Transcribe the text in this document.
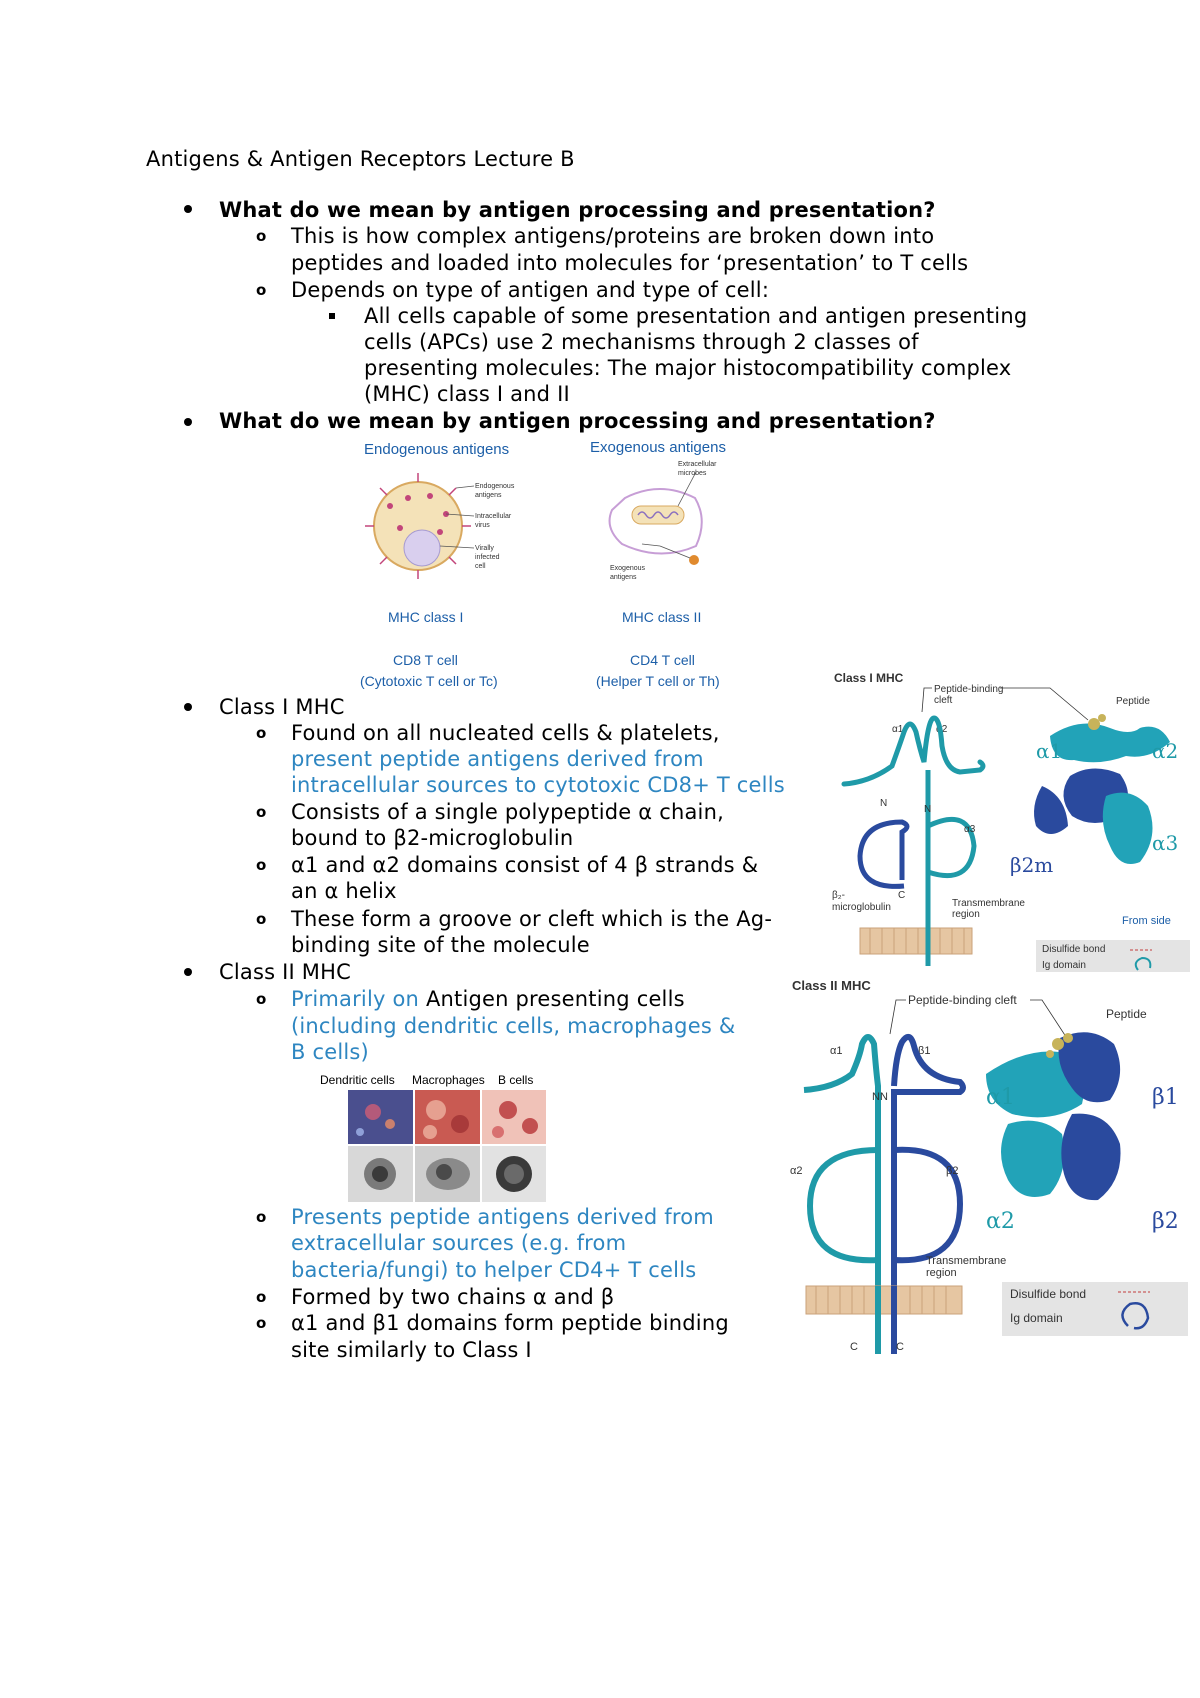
Antigens & Antigen Receptors Lecture B
What do we mean by antigen processing and presentation?
o This is how complex antigens/proteins are broken down into
peptides and loaded into molecules for ‘presentation’ to T cells
o Depends on type of antigen and type of cell:
All cells capable of some presentation and antigen presenting
cells (APCs) use 2 mechanisms through 2 classes of
presenting molecules: The major histocompatibility complex
(MHC) class I and II
What do we mean by antigen processing and presentation?
Endogenous antigens	Exogenous antigens
Endogenous
antigens
Intracellular
virus
Virally
infected
cell
Extracellular
microbes
Exogenous
antigens
MHC class I	MHC class II
CD8 T cell
(Cytotoxic T cell or Tc)
CD4 T cell
(Helper T cell or Th)
Class I MHC
o Found on all nucleated cells & platelets,
present peptide antigens derived from
intracellular sources to cytotoxic CD8+ T cells
o Consists of a single polypeptide α chain,
bound to β2-microglobulin
o α1 and α2 domains consist of 4 β strands &
an α helix
o These form a groove or cleft which is the Ag-
binding site of the molecule
Class II MHC
o Primarily on Antigen presenting cells
(including dendritic cells, macrophages &
B cells)
Dendritic cells Macrophages B cells
o Presents peptide antigens derived from
extracellular sources (e.g. from
bacteria/fungi) to helper CD4+ T cells
o Formed by two chains α and β
o α1 and β1 domains form peptide binding
site similarly to Class I
Class I MHC
Peptide-binding
cleft	Peptide
α1	α2
α3
N
N
β₂-
microglobulin
C
Transmembrane
region
α1	α2
α3
β2m
From side
Disulfide bond
Ig domain
Class II MHC
Peptide-binding cleft
Peptide
α1	β1
NN
α2	β2
Transmembrane
region
C	C
α1	β1
α2	β2
Disulfide bond
Ig domain
